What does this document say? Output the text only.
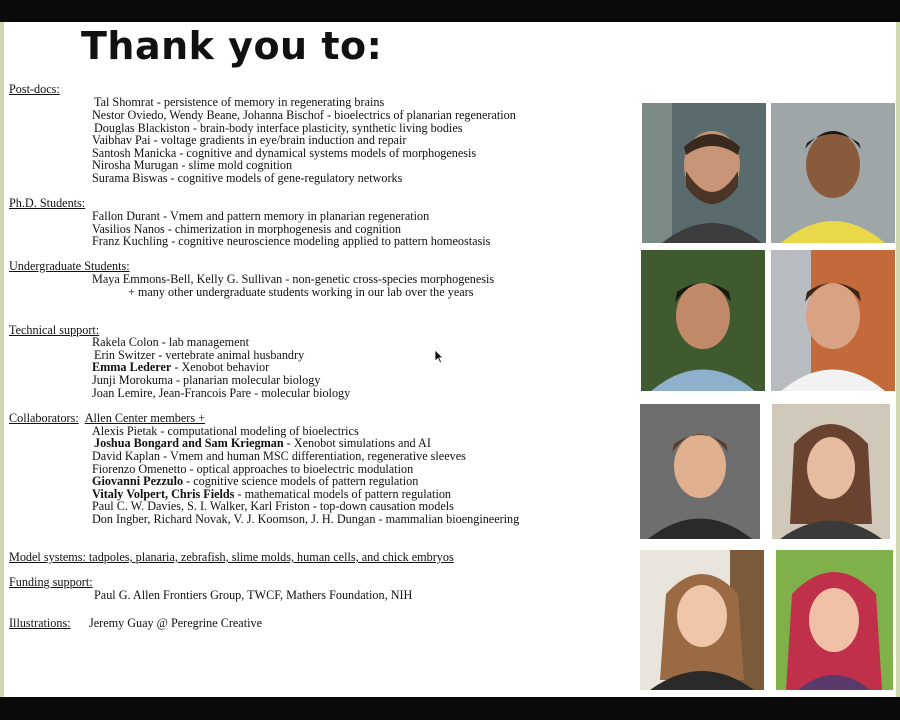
Thank you to:
Post-docs:
Tal Shomrat - persistence of memory in regenerating brains
Nestor Oviedo, Wendy Beane, Johanna Bischof - bioelectrics of planarian regeneration
Douglas Blackiston - brain-body interface plasticity, synthetic living bodies
Vaibhav Pai - voltage gradients in eye/brain induction and repair
Santosh Manicka - cognitive and dynamical systems models of morphogenesis
Nirosha Murugan - slime mold cognition
Surama Biswas - cognitive models of gene-regulatory networks
Ph.D. Students:
Fallon Durant - Vmem and pattern memory in planarian regeneration
Vasilios Nanos - chimerization in morphogenesis and cognition
Franz Kuchling - cognitive neuroscience modeling applied to pattern homeostasis
Undergraduate Students:
Maya Emmons-Bell, Kelly G. Sullivan - non-genetic cross-species morphogenesis
+ many other undergraduate students working in our lab over the years
Technical support:
Rakela Colon - lab management
Erin Switzer - vertebrate animal husbandry
Emma Lederer - Xenobot behavior
Junji Morokuma - planarian molecular biology
Joan Lemire, Jean-Francois Pare - molecular biology
Collaborators: Allen Center members +
Alexis Pietak - computational modeling of bioelectrics
Joshua Bongard and Sam Kriegman - Xenobot simulations and AI
David Kaplan - Vmem and human MSC differentiation, regenerative sleeves
Fiorenzo Omenetto - optical approaches to bioelectric modulation
Giovanni Pezzulo - cognitive science models of pattern regulation
Vitaly Volpert, Chris Fields - mathematical models of pattern regulation
Paul C. W. Davies, S. I. Walker, Karl Friston - top-down causation models
Don Ingber, Richard Novak, V. J. Koomson, J. H. Dungan - mammalian bioengineering
Model systems: tadpoles, planaria, zebrafish, slime molds, human cells, and chick embryos
Funding support:
Paul G. Allen Frontiers Group, TWCF, Mathers Foundation, NIH
Illustrations: Jeremy Guay @ Peregrine Creative
